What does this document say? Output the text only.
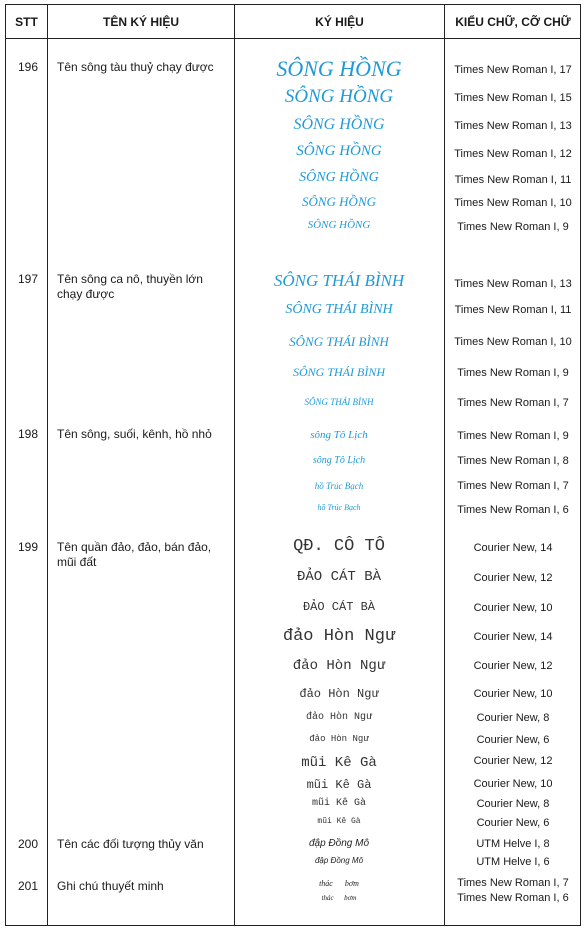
STT	TÊN KÝ HIỆU	KÝ HIỆU	KIỂU CHỮ, CỠ CHỮ
196 Tên sông tàu thuỷ chạy được	SÔNG HỒNG	Times New Roman I, 17
SÔNG HỒNG	Times New Roman I, 15
SÔNG HỒNG	Times New Roman I, 13
SÔNG HỒNG	Times New Roman I, 12
SÔNG HỒNG	Times New Roman I, 11
SÔNG HỒNG	Times New Roman I, 10
SÔNG HỒNG	Times New Roman I, 9
197 Tên sông ca nô, thuyền lớn chạy được
SÔNG THÁI BÌNH	Times New Roman I, 13
SÔNG THÁI BÌNH	Times New Roman I, 11
SÔNG THÁI BÌNH	Times New Roman I, 10
SÔNG THÁI BÌNH	Times New Roman I, 9
SÔNG THÁI BÌNH	Times New Roman I, 7
198 Tên sông, suối, kênh, hồ nhỏ	sông Tô Lịch	Times New Roman I, 9
sông Tô Lịch	Times New Roman I, 8
hồ Trúc Bạch	Times New Roman I, 7
hồ Trúc Bạch	Times New Roman I, 6
199 Tên quần đảo, đảo, bán đảo, mũi đất
QĐ. CÔ TÔ	Courier New, 14
ĐẢO CÁT BÀ	Courier New, 12
ĐẢO CÁT BÀ	Courier New, 10
đảo Hòn Ngư	Courier New, 14
đảo Hòn Ngư	Courier New, 12
đảo Hòn Ngư	Courier New, 10
đảo Hòn Ngư	Courier New, 8
đảo Hòn Ngư	Courier New, 6
mũi Kê Gà	Courier New, 12
mũi Kê Gà	Courier New, 10
mũi Kê Gà	Courier New, 8
mũi Kê Gà	Courier New, 6
200 Tên các đối tượng thủy văn	đập Đồng Mô	UTM Helve I, 8
đập Đồng Mô	UTM Helve I, 6
201 Ghi chú thuyết minh	thác      bơm	Times New Roman I, 7
thác      bơm	Times New Roman I, 6
